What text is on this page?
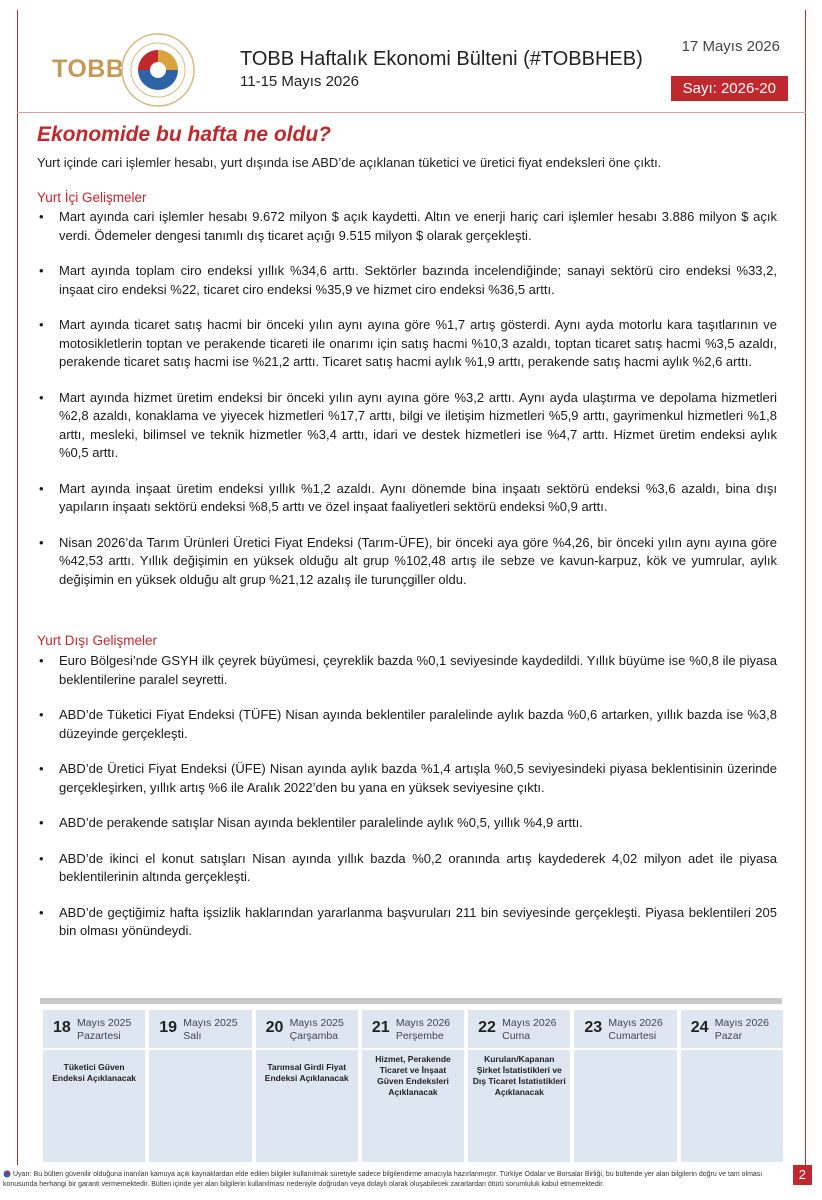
TOBB	TOBB Haftalık Ekonomi Bülteni (#TOBBHEB)
11-15 Mayıs 2026
17 Mayıs 2026
Sayı: 2026-20
Ekonomide bu hafta ne oldu?
Yurt içinde cari işlemler hesabı, yurt dışında ise ABD’de açıklanan tüketici ve üretici fiyat endeksleri öne çıktı.
Yurt İçi Gelişmeler
• Mart ayında cari işlemler hesabı 9.672 milyon $ açık kaydetti. Altın ve enerji hariç cari işlemler hesabı 3.886 milyon $ açık verdi. Ödemeler dengesi tanımlı dış ticaret açığı 9.515 milyon $ olarak gerçekleşti.
• Mart ayında toplam ciro endeksi yıllık %34,6 arttı. Sektörler bazında incelendiğinde; sanayi sektörü ciro endeksi %33,2, inşaat ciro endeksi %22, ticaret ciro endeksi %35,9 ve hizmet ciro endeksi %36,5 arttı.
• Mart ayında ticaret satış hacmi bir önceki yılın aynı ayına göre %1,7 artış gösterdi. Aynı ayda motorlu kara taşıtlarının ve motosikletlerin toptan ve perakende ticareti ile onarımı için satış hacmi %10,3 azaldı, toptan ticaret satış hacmi %3,5 azaldı, perakende ticaret satış hacmi ise %21,2 arttı. Ticaret satış hacmi aylık %1,9 arttı, perakende satış hacmi aylık %2,6 arttı.
• Mart ayında hizmet üretim endeksi bir önceki yılın aynı ayına göre %3,2 arttı. Aynı ayda ulaştırma ve depolama hizmetleri %2,8 azaldı, konaklama ve yiyecek hizmetleri %17,7 arttı, bilgi ve iletişim hizmetleri %5,9 arttı, gayrimenkul hizmetleri %1,8 arttı, mesleki, bilimsel ve teknik hizmetler %3,4 arttı, idari ve destek hizmetleri ise %4,7 arttı. Hizmet üretim endeksi aylık %0,5 arttı.
• Mart ayında inşaat üretim endeksi yıllık %1,2 azaldı. Aynı dönemde bina inşaatı sektörü endeksi %3,6 azaldı, bina dışı yapıların inşaatı sektörü endeksi %8,5 arttı ve özel inşaat faaliyetleri sektörü endeksi %0,9 arttı.
• Nisan 2026’da Tarım Ürünleri Üretici Fiyat Endeksi (Tarım-ÜFE), bir önceki aya göre %4,26, bir önceki yılın aynı ayına göre %42,53 arttı. Yıllık değişimin en yüksek olduğu alt grup %102,48 artış ile sebze ve kavun-karpuz, kök ve yumrular, aylık değişimin en yüksek olduğu alt grup %21,12 azalış ile turunçgiller oldu.
Yurt Dışı Gelişmeler
• Euro Bölgesi’nde GSYH ilk çeyrek büyümesi, çeyreklik bazda %0,1 seviyesinde kaydedildi. Yıllık büyüme ise %0,8 ile piyasa beklentilerine paralel seyretti.
• ABD’de Tüketici Fiyat Endeksi (TÜFE) Nisan ayında beklentiler paralelinde aylık bazda %0,6 artarken, yıllık bazda ise %3,8 düzeyinde gerçekleşti.
• ABD’de Üretici Fiyat Endeksi (ÜFE) Nisan ayında aylık bazda %1,4 artışla %0,5 seviyesindeki piyasa beklentisinin üzerinde gerçekleşirken, yıllık artış %6 ile Aralık 2022’den bu yana en yüksek seviyesine çıktı.
• ABD’de perakende satışlar Nisan ayında beklentiler paralelinde aylık %0,5, yıllık %4,9 arttı.
• ABD’de ikinci el konut satışları Nisan ayında yıllık bazda %0,2 oranında artış kaydederek 4,02 milyon adet ile piyasa beklentilerinin altında gerçekleşti.
• ABD’de geçtiğimiz hafta işsizlik haklarından yararlanma başvuruları 211 bin seviyesinde gerçekleşti. Piyasa beklentileri 205 bin olması yönündeydi.
18 Mayıs 2025
Pazartesi
Tüketici Güven Endeksi Açıklanacak
19 Mayıs 2025
Salı	20 Mayıs 2025
Çarşamba
Tarımsal Girdi Fiyat Endeksi Açıklanacak
21 Mayıs 2026
Perşembe
Hizmet, Perakende Ticaret ve İnşaat Güven Endeksleri Açıklanacak
22 Mayıs 2026
Cuma
Kurulan/Kapanan Şirket İstatistikleri ve Dış Ticaret İstatistikleri Açıklanacak
23 Mayıs 2026
Cumartesi 24 Mayıs 2026
Pazar
Uyarı: Bu bülten güvenilir olduğuna inanılan kamuya açık kaynaklardan elde edilen bilgiler kullanılmak suretiyle sadece bilgilendirme amacıyla hazırlanmıştır. Türkiye Odalar ve Borsalar Birliği, bu bültende yer alan bilgilerin doğru ve tam olması konusunda herhangi bir garanti vermemektedir. Bülten içinde yer alan bilgilerin kullanılması nedeniyle doğrudan veya dolaylı olarak oluşabilecek zararlardan ötürü sorumluluk kabul etmemektedir.
2
